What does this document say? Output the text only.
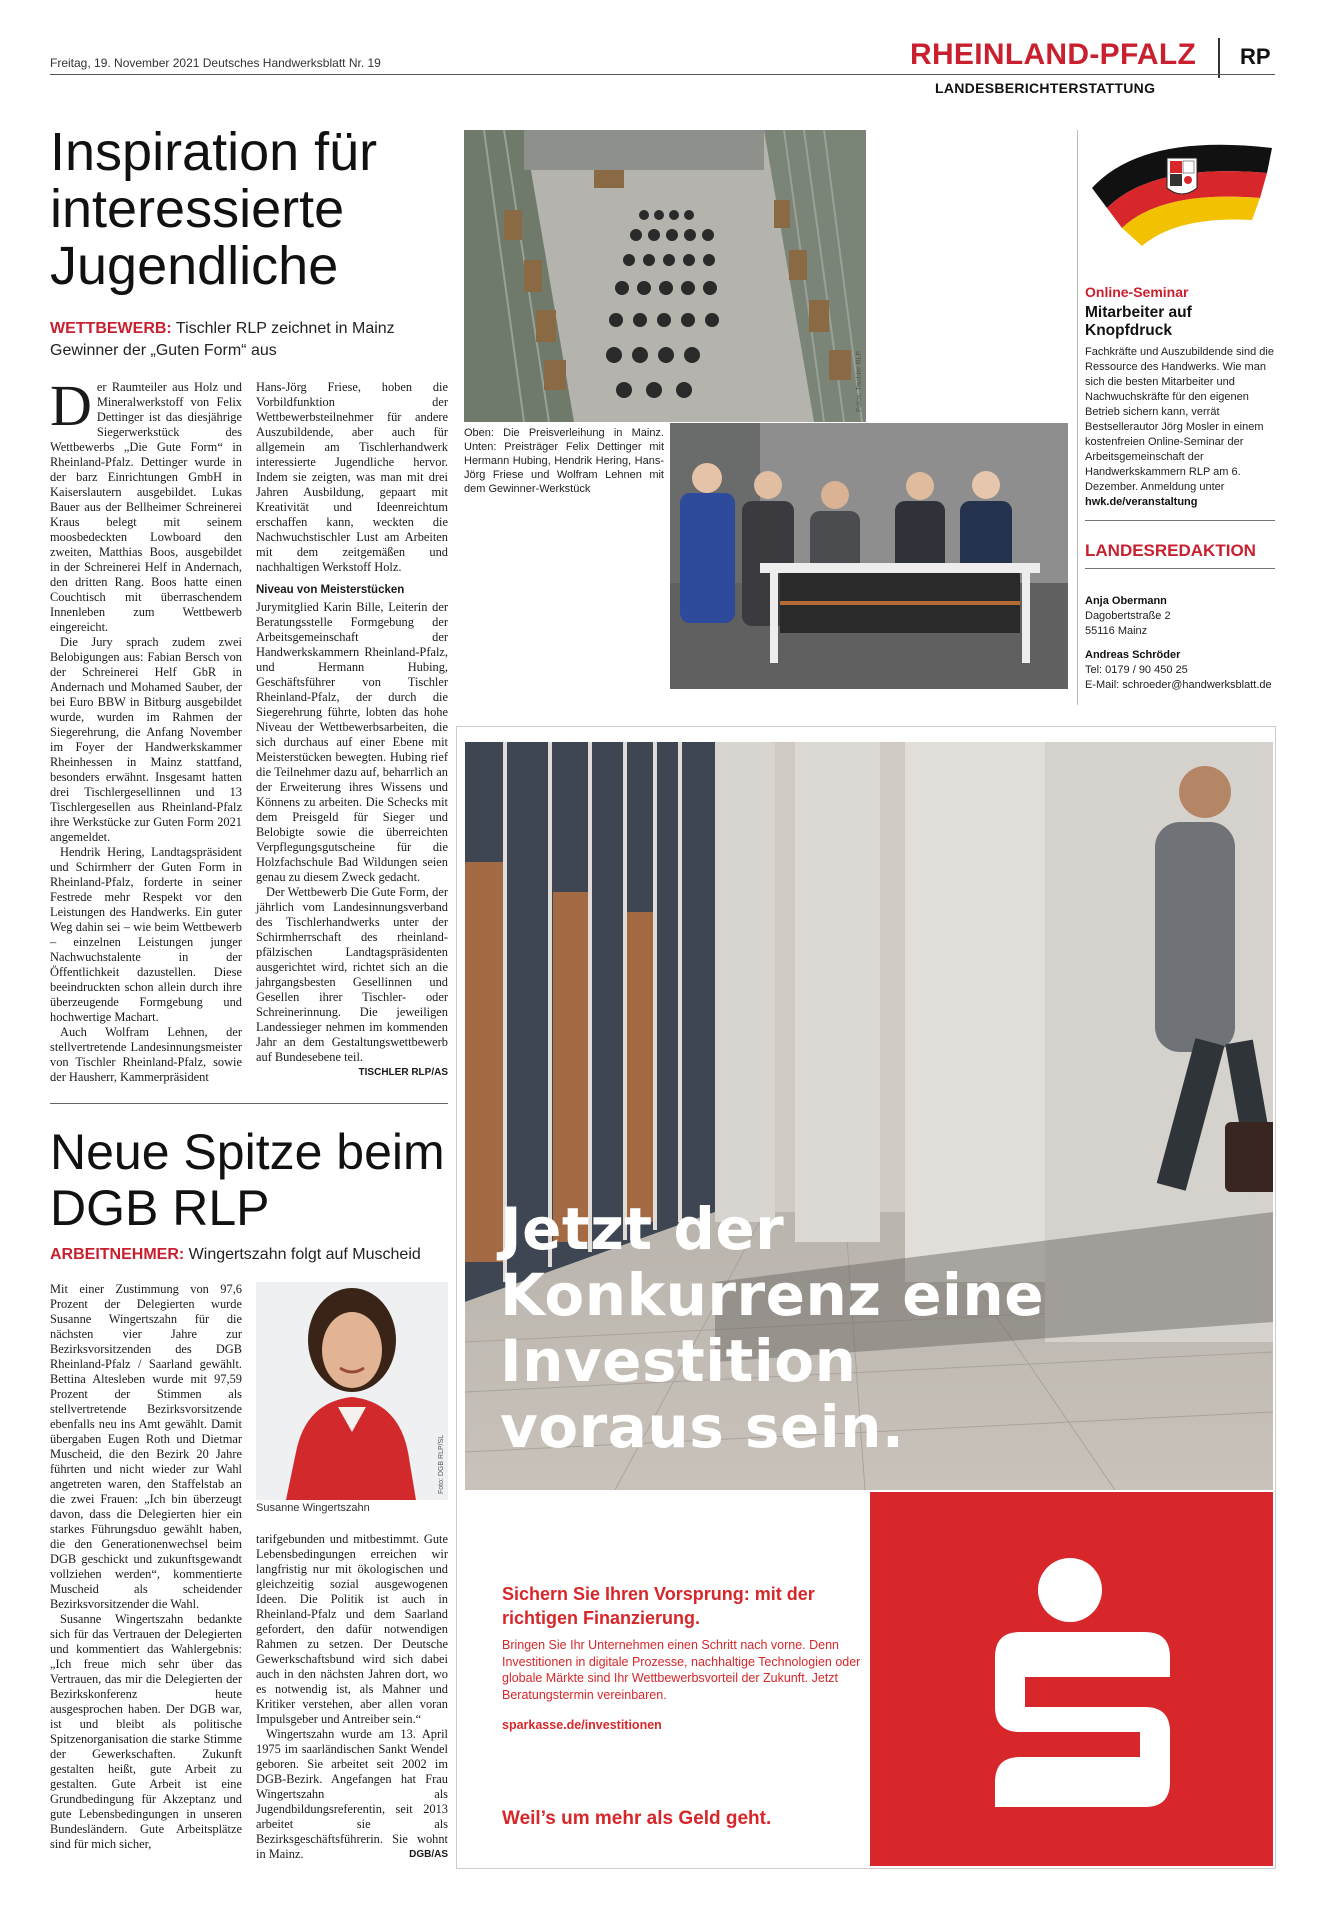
Freitag, 19. November 2021 Deutsches Handwerksblatt Nr. 19	RHEINLAND-PFALZ RP
LANDESBERICHTERSTATTUNG
Inspiration für interessierte Jugendliche
WETTBEWERB: Tischler RLP zeichnet in Mainz Gewinner der „Guten Form“ aus

Der Raumteiler aus Holz und Mineralwerkstoff von Felix Dettinger ist das diesjährige Siegerwerkstück des Wettbewerbs „Die Gute Form“ in Rheinland-Pfalz. Dettinger wurde in der barz Einrichtungen GmbH in Kaiserslautern ausgebildet. Lukas Bauer aus der Bellheimer Schreinerei Kraus belegt mit seinem moosbedeckten Lowboard den zweiten, Matthias Boos, ausgebildet in der Schreinerei Helf in Andernach, den dritten Rang. Boos hatte einen Couchtisch mit überraschendem Innenleben zum Wettbewerb eingereicht.

Die Jury sprach zudem zwei Belobigungen aus: Fabian Bersch von der Schreinerei Helf GbR in Andernach und Mohamed Sauber, der bei Euro BBW in Bitburg ausgebildet wurde, wurden im Rahmen der Siegerehrung, die Anfang November im Foyer der Handwerkskammer Rheinhessen in Mainz stattfand, besonders erwähnt. Insgesamt hatten drei Tischlergesellinnen und 13 Tischlergesellen aus Rheinland-Pfalz ihre Werkstücke zur Guten Form 2021 angemeldet.

Hendrik Hering, Landtagspräsident und Schirmherr der Guten Form in Rheinland-Pfalz, forderte in seiner Festrede mehr Respekt vor den Leistungen des Handwerks. Ein guter Weg dahin sei – wie beim Wettbewerb – einzelnen Leistungen junger Nachwuchstalente in der Öffentlichkeit dazustellen. Diese beeindruckten schon allein durch ihre überzeugende Formgebung und hochwertige Machart.

Auch Wolfram Lehnen, der stellvertretende Landesinnungsmeister von Tischler Rheinland-Pfalz, sowie der Hausherr, Kammerpräsident

Hans-Jörg Friese, hoben die Vorbildfunktion der Wettbewerbsteilnehmer für andere Auszubildende, aber auch für allgemein am Tischlerhandwerk interessierte Jugendliche hervor. Indem sie zeigten, was man mit drei Jahren Ausbildung, gepaart mit Kreativität und Ideenreichtum erschaffen kann, weckten die Nachwuchstischler Lust am Arbeiten mit dem zeitgemäßen und nachhaltigen Werkstoff Holz.

Niveau von Meisterstücken

Jurymitglied Karin Bille, Leiterin der Beratungsstelle Formgebung der Arbeitsgemeinschaft der Handwerkskammern Rheinland-Pfalz, und Hermann Hubing, Geschäftsführer von Tischler Rheinland-Pfalz, der durch die Siegerehrung führte, lobten das hohe Niveau der Wettbewerbsarbeiten, die sich durchaus auf einer Ebene mit Meisterstücken bewegten. Hubing rief die Teilnehmer dazu auf, beharrlich an der Erweiterung ihres Wissens und Könnens zu arbeiten. Die Schecks mit dem Preisgeld für Sieger und Belobigte sowie die überreichten Verpflegungsgutscheine für die Holzfachschule Bad Wildungen seien genau zu diesem Zweck gedacht.

Der Wettbewerb Die Gute Form, der jährlich vom Landesinnungsverband des Tischlerhandwerks unter der Schirmherrschaft des rheinland-pfälzischen Landtagspräsidenten ausgerichtet wird, richtet sich an die jahrgangsbesten Gesellinnen und Gesellen ihrer Tischler- oder Schreinerinnung. Die jeweiligen Landessieger nehmen im kommenden Jahr an dem Gestaltungswettbewerb auf Bundesebene teil.
TISCHLER RLP/AS

Fotos: Tischler RLP
Oben: Die Preisverleihung in Mainz. Unten: Preisträger Felix Dettinger mit Hermann Hubing, Hendrik Hering, Hans-Jörg Friese und Wolfram Lehnen mit dem Gewinner-Werkstück
Online-Seminar
Mitarbeiter auf Knopfdruck
Fachkräfte und Auszubildende sind die Ressource des Handwerks. Wie man sich die besten Mitarbeiter und Nachwuchskräfte für den eigenen Betrieb sichern kann, verrät Bestsellerautor Jörg Mosler in einem kostenfreien Online-Seminar der Arbeitsgemeinschaft der Handwerkskammern RLP am 6. Dezember. Anmeldung unter hwk.de/veranstaltung
LANDESREDAKTION
Anja Obermann
Dagobertstraße 2
55116 Mainz
Andreas Schröder
Tel: 0179 / 90 450 25
E-Mail: schroeder@handwerksblatt.de
Jetzt der Konkurrenz eine Investition voraus sein.
Sichern Sie Ihren Vorsprung: mit der richtigen Finanzierung.
Bringen Sie Ihr Unternehmen einen Schritt nach vorne. Denn Investitionen in digitale Prozesse, nachhaltige Technologien oder globale Märkte sind Ihr Wettbewerbsvorteil der Zukunft. Jetzt Beratungstermin vereinbaren.
sparkasse.de/investitionen
Weil’s um mehr als Geld geht.
Neue Spitze beim DGB RLP
ARBEITNEHMER: Wingertszahn folgt auf Muscheid

Mit einer Zustimmung von 97,6 Prozent der Delegierten wurde Susanne Wingertszahn für die nächsten vier Jahre zur Bezirksvorsitzenden des DGB Rheinland-Pfalz / Saarland gewählt. Bettina Altesleben wurde mit 97,59 Prozent der Stimmen als stellvertretende Bezirksvorsitzende ebenfalls neu ins Amt gewählt. Damit übergaben Eugen Roth und Dietmar Muscheid, die den Bezirk 20 Jahre führten und nicht wieder zur Wahl angetreten waren, den Staffelstab an die zwei Frauen: „Ich bin überzeugt davon, dass die Delegierten hier ein starkes Führungsduo gewählt haben, die den Generationenwechsel beim DGB geschickt und zukunftsgewandt vollziehen werden“, kommentierte Muscheid als scheidender Bezirksvorsitzender die Wahl.

Susanne Wingertszahn bedankte sich für das Vertrauen der Delegierten und kommentiert das Wahlergebnis: „Ich freue mich sehr über das Vertrauen, das mir die Delegierten der Bezirkskonferenz heute ausgesprochen haben. Der DGB war, ist und bleibt als politische Spitzenorganisation die starke Stimme der Gewerkschaften. Zukunft gestalten heißt, gute Arbeit zu gestalten. Gute Arbeit ist eine Grundbedingung für Akzeptanz und gute Lebensbedingungen in unseren Bundesländern. Gute Arbeitsplätze sind für mich sicher,

Foto: DGB RLP/SL
Susanne Wingertszahn

tarifgebunden und mitbestimmt. Gute Lebensbedingungen erreichen wir langfristig nur mit ökologischen und gleichzeitig sozial ausgewogenen Ideen. Die Politik ist auch in Rheinland-Pfalz und dem Saarland gefordert, den dafür notwendigen Rahmen zu setzen. Der Deutsche Gewerkschaftsbund wird sich dabei auch in den nächsten Jahren dort, wo es notwendig ist, als Mahner und Kritiker verstehen, aber allen voran Impulsgeber und Antreiber sein.“

Wingertszahn wurde am 13. April 1975 im saarländischen Sankt Wendel geboren. Sie arbeitet seit 2002 im DGB-Bezirk. Angefangen hat Frau Wingertszahn als Jugendbildungsreferentin, seit 2013 arbeitet sie als Bezirksgeschäftsführerin. Sie wohnt in Mainz.	DGB/AS
